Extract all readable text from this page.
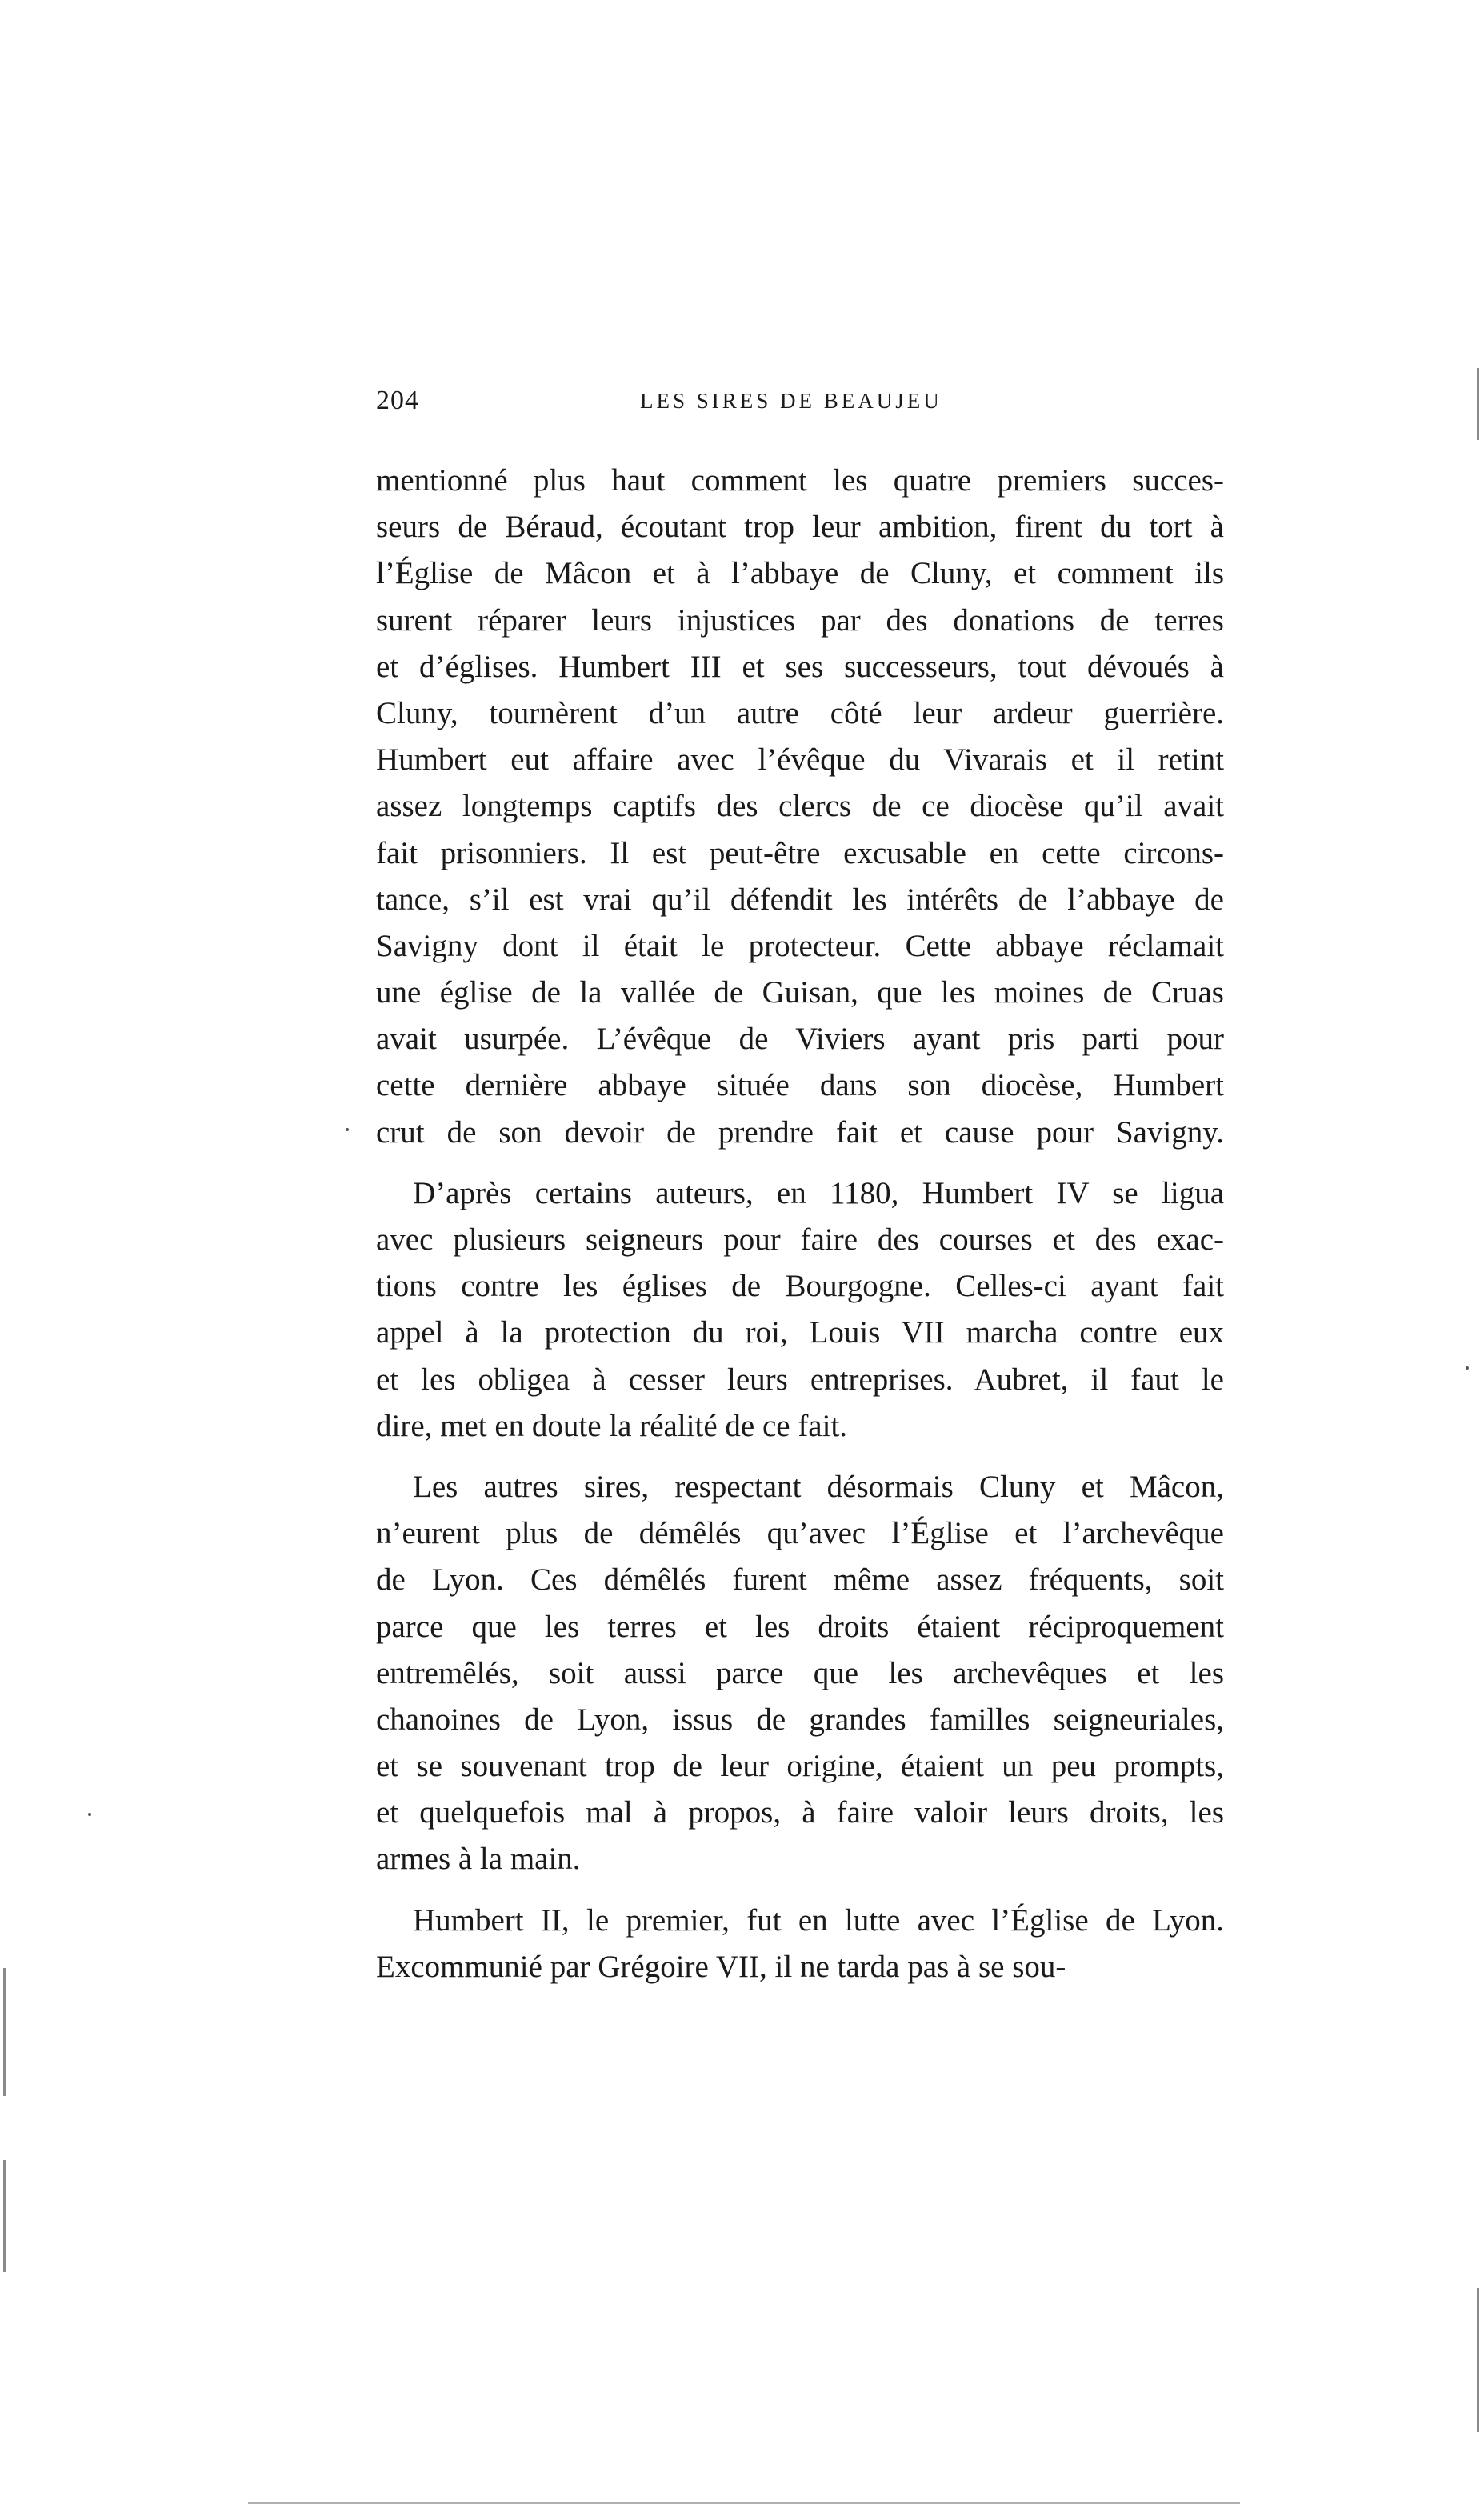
204	LES SIRES DE BEAUJEU
mentionné plus haut comment les quatre premiers succes-
seurs de Béraud, écoutant trop leur ambition, firent du tort à
l’Église de Mâcon et à l’abbaye de Cluny, et comment ils
surent réparer leurs injustices par des donations de terres
et d’églises. Humbert III et ses successeurs, tout dévoués à
Cluny, tournèrent d’un autre côté leur ardeur guerrière.
Humbert eut affaire avec l’évêque du Vivarais et il retint
assez longtemps captifs des clercs de ce diocèse qu’il avait
fait prisonniers. Il est peut-être excusable en cette circons-
tance, s’il est vrai qu’il défendit les intérêts de l’abbaye de
Savigny dont il était le protecteur. Cette abbaye réclamait
une église de la vallée de Guisan, que les moines de Cruas
avait usurpée. L’évêque de Viviers ayant pris parti pour
cette dernière abbaye située dans son diocèse, Humbert
crut de son devoir de prendre fait et cause pour Savigny.
D’après certains auteurs, en 1180, Humbert IV se ligua
avec plusieurs seigneurs pour faire des courses et des exac-
tions contre les églises de Bourgogne. Celles-ci ayant fait
appel à la protection du roi, Louis VII marcha contre eux
et les obligea à cesser leurs entreprises. Aubret, il faut le
dire, met en doute la réalité de ce fait.
Les autres sires, respectant désormais Cluny et Mâcon,
n’eurent plus de démêlés qu’avec l’Église et l’archevêque
de Lyon. Ces démêlés furent même assez fréquents, soit
parce que les terres et les droits étaient réciproquement
entremêlés, soit aussi parce que les archevêques et les
chanoines de Lyon, issus de grandes familles seigneuriales,
et se souvenant trop de leur origine, étaient un peu prompts,
et quelquefois mal à propos, à faire valoir leurs droits, les
armes à la main.
Humbert II, le premier, fut en lutte avec l’Église de Lyon.
Excommunié par Grégoire VII, il ne tarda pas à se sou-
